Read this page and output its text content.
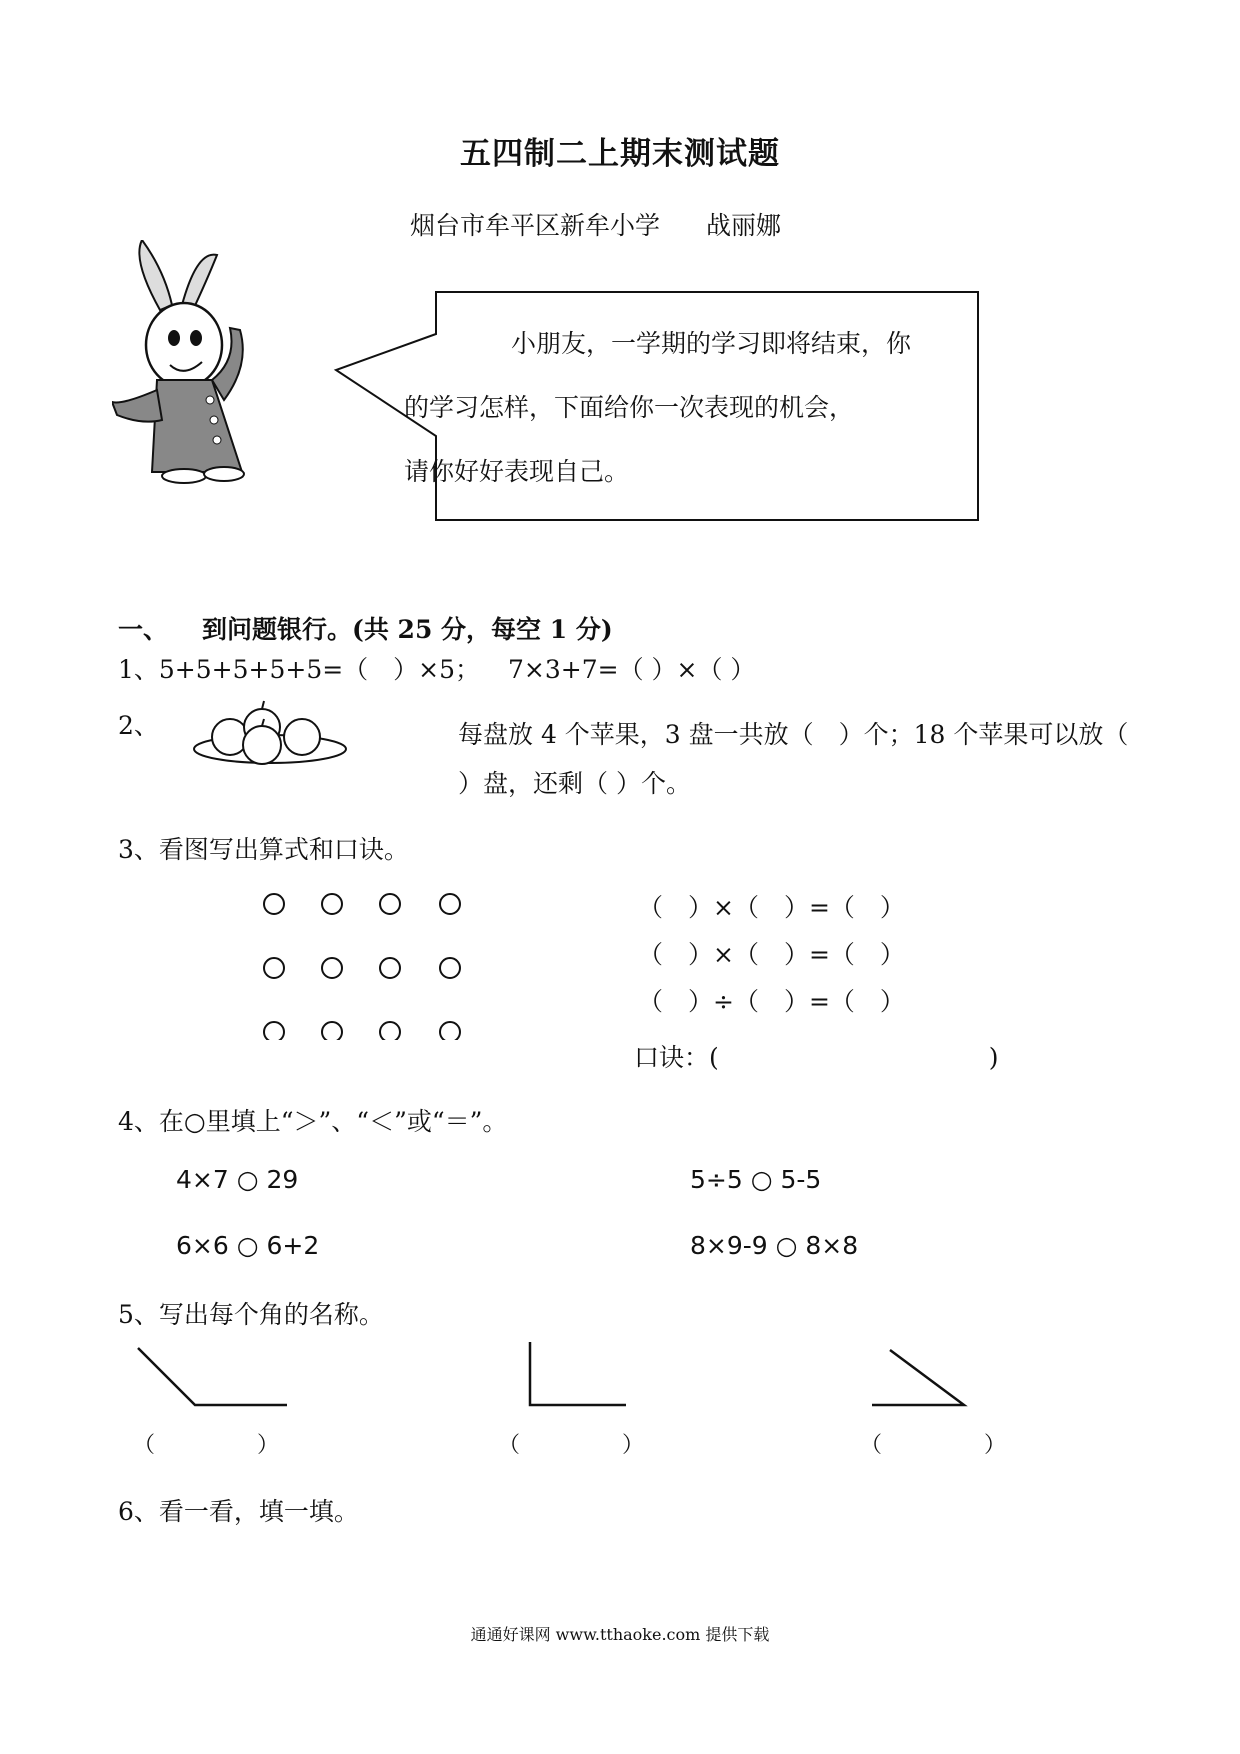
五四制二上期末测试题
烟台市牟平区新牟小学 战丽娜

小朋友，一学期的学习即将结束，你

的学习怎样，下面给你一次表现的机会，

请你好好表现自己。

一、 到问题银行。(共 25 分，每空 1 分)
1、5+5+5+5+5=（　）×5； 7×3+7=（ ）×（ ）
2、	每盘放 4 个苹果，3 盘一共放（　）个；18 个苹果可以放（ ）盘，还剩（ ）个。
3、看图写出算式和口诀。
（　）×（　）=（　）
（　）×（　）=（　）
（　）÷（　）=（　）
口诀：(	)
4、在○里填上“＞”、“＜”或“＝”。
4×7 ○ 29	5÷5 ○ 5-5
6×6 ○ 6+2	8×9-9 ○ 8×8
5、写出每个角的名称。
（	）	（	）	（	）
6、看一看，填一填。
通通好课网 www.tthaoke.com 提供下载
